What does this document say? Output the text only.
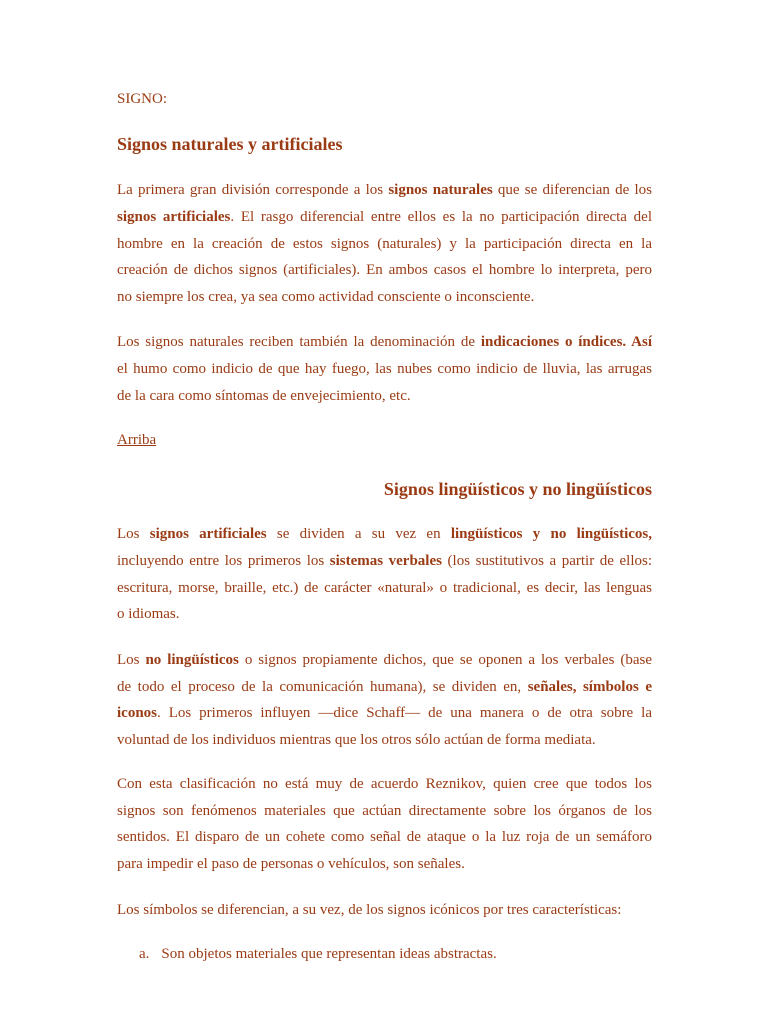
SIGNO:
Signos naturales y artificiales
La primera gran división corresponde a los signos naturales que se diferencian de los
signos artificiales. El rasgo diferencial entre ellos es la no participación directa del
hombre en la creación de estos signos (naturales) y la participación directa en la
creación de dichos signos (artificiales). En ambos casos el hombre lo interpreta, pero
no siempre los crea, ya sea como actividad consciente o inconsciente.
Los signos naturales reciben también la denominación de indicaciones o índices. Así
el humo como indicio de que hay fuego, las nubes como indicio de lluvia, las arrugas
de la cara como síntomas de envejecimiento, etc.
Arriba
Signos lingüísticos y no lingüísticos
Los signos artificiales se dividen a su vez en lingüísticos y no lingüísticos,
incluyendo entre los primeros los sistemas verbales (los sustitutivos a partir de ellos:
escritura, morse, braille, etc.) de carácter «natural» o tradicional, es decir, las lenguas
o idiomas.
Los no lingüísticos o signos propiamente dichos, que se oponen a los verbales (base
de todo el proceso de la comunicación humana), se dividen en, señales, símbolos e
iconos. Los primeros influyen —dice Schaff— de una manera o de otra sobre la
voluntad de los individuos mientras que los otros sólo actúan de forma mediata.
Con esta clasificación no está muy de acuerdo Reznikov, quien cree que todos los
signos son fenómenos materiales que actúan directamente sobre los órganos de los
sentidos. El disparo de un cohete como señal de ataque o la luz roja de un semáforo
para impedir el paso de personas o vehículos, son señales.
Los símbolos se diferencian, a su vez, de los signos icónicos por tres características:
a. Son objetos materiales que representan ideas abstractas.
